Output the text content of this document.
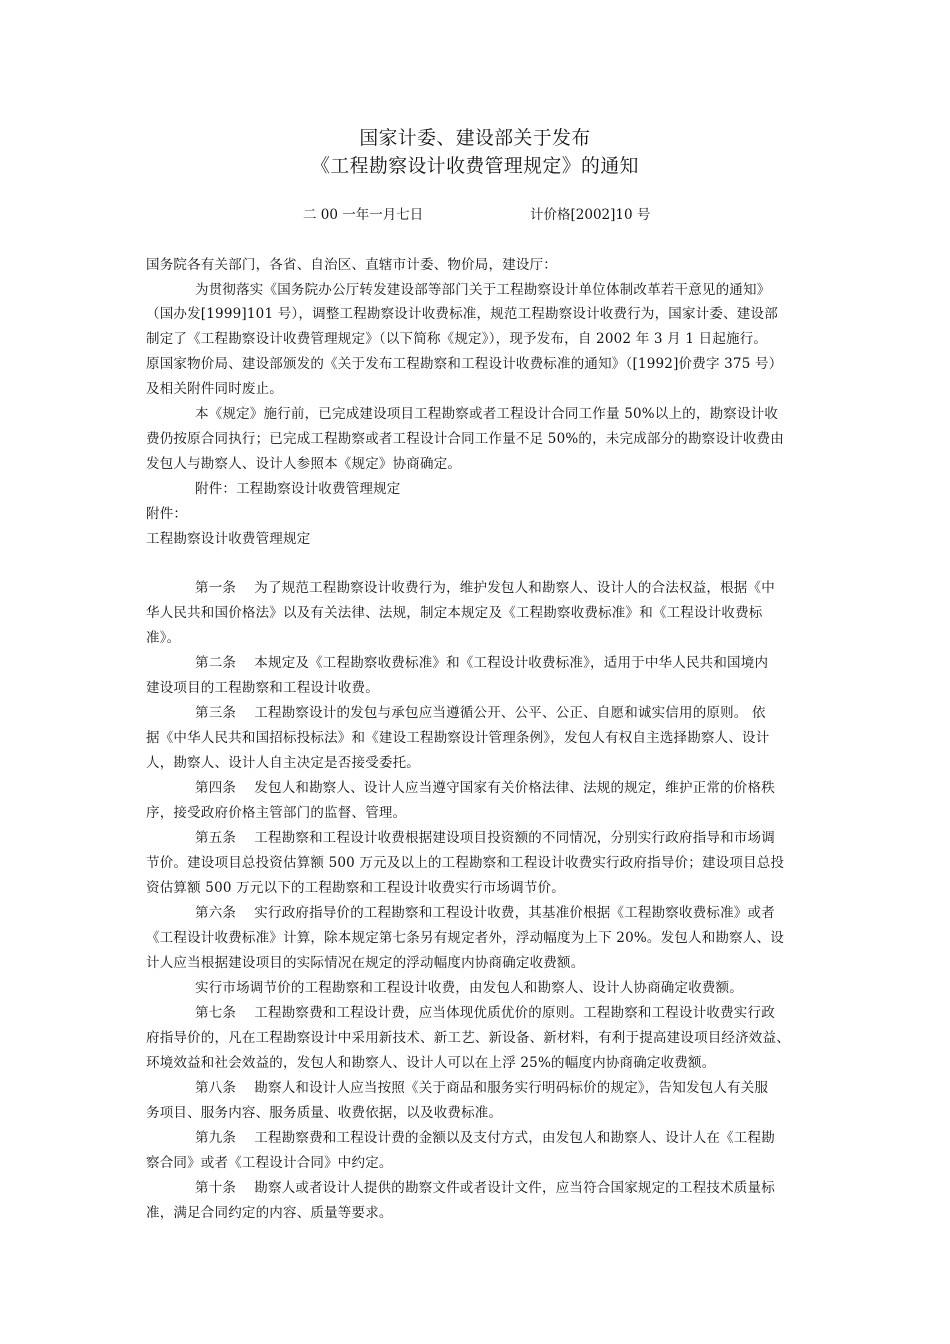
国家计委、建设部关于发布
《工程勘察设计收费管理规定》的通知
二 00 一年一月七日	计价格[2002]10 号
国务院各有关部门，各省、自治区、直辖市计委、物价局，建设厅：
为贯彻落实《国务院办公厅转发建设部等部门关于工程勘察设计单位体制改革若干意见的通知》
（国办发[1999]101 号），调整工程勘察设计收费标准，规范工程勘察设计收费行为，国家计委、建设部
制定了《工程勘察设计收费管理规定》（以下简称《规定》），现予发布，自 2002 年 3 月 1 日起施行。
原国家物价局、建设部颁发的《关于发布工程勘察和工程设计收费标准的通知》（[1992]价费字 375 号）
及相关附件同时废止。
本《规定》施行前，已完成建设项目工程勘察或者工程设计合同工作量 50%以上的，勘察设计收
费仍按原合同执行；已完成工程勘察或者工程设计合同工作量不足 50%的，未完成部分的勘察设计收费由
发包人与勘察人、设计人参照本《规定》协商确定。
附件：工程勘察设计收费管理规定
附件：
工程勘察设计收费管理规定
第一条　 为了规范工程勘察设计收费行为，维护发包人和勘察人、设计人的合法权益，根据《中
华人民共和国价格法》以及有关法律、法规，制定本规定及《工程勘察收费标准》和《工程设计收费标
准》。
第二条　 本规定及《工程勘察收费标准》和《工程设计收费标准》，适用于中华人民共和国境内
建设项目的工程勘察和工程设计收费。
第三条　 工程勘察设计的发包与承包应当遵循公开、公平、公正、自愿和诚实信用的原则。 依
据《中华人民共和国招标投标法》和《建设工程勘察设计管理条例》，发包人有权自主选择勘察人、设计
人，勘察人、设计人自主决定是否接受委托。
第四条　 发包人和勘察人、设计人应当遵守国家有关价格法律、法规的规定，维护正常的价格秩
序，接受政府价格主管部门的监督、管理。
第五条　 工程勘察和工程设计收费根据建设项目投资额的不同情况，分别实行政府指导和市场调
节价。建设项目总投资估算额 500 万元及以上的工程勘察和工程设计收费实行政府指导价；建设项目总投
资估算额 500 万元以下的工程勘察和工程设计收费实行市场调节价。
第六条　 实行政府指导价的工程勘察和工程设计收费，其基准价根据《工程勘察收费标准》或者
《工程设计收费标准》计算，除本规定第七条另有规定者外，浮动幅度为上下 20%。发包人和勘察人、设
计人应当根据建设项目的实际情况在规定的浮动幅度内协商确定收费额。
实行市场调节价的工程勘察和工程设计收费，由发包人和勘察人、设计人协商确定收费额。
第七条　 工程勘察费和工程设计费，应当体现优质优价的原则。工程勘察和工程设计收费实行政
府指导价的，凡在工程勘察设计中采用新技术、新工艺、新设备、新材料，有利于提高建设项目经济效益、
环境效益和社会效益的，发包人和勘察人、设计人可以在上浮 25%的幅度内协商确定收费额。
第八条　 勘察人和设计人应当按照《关于商品和服务实行明码标价的规定》，告知发包人有关服
务项目、服务内容、服务质量、收费依据，以及收费标准。
第九条　 工程勘察费和工程设计费的金额以及支付方式，由发包人和勘察人、设计人在《工程勘
察合同》或者《工程设计合同》中约定。
第十条　 勘察人或者设计人提供的勘察文件或者设计文件，应当符合国家规定的工程技术质量标
准，满足合同约定的内容、质量等要求。
